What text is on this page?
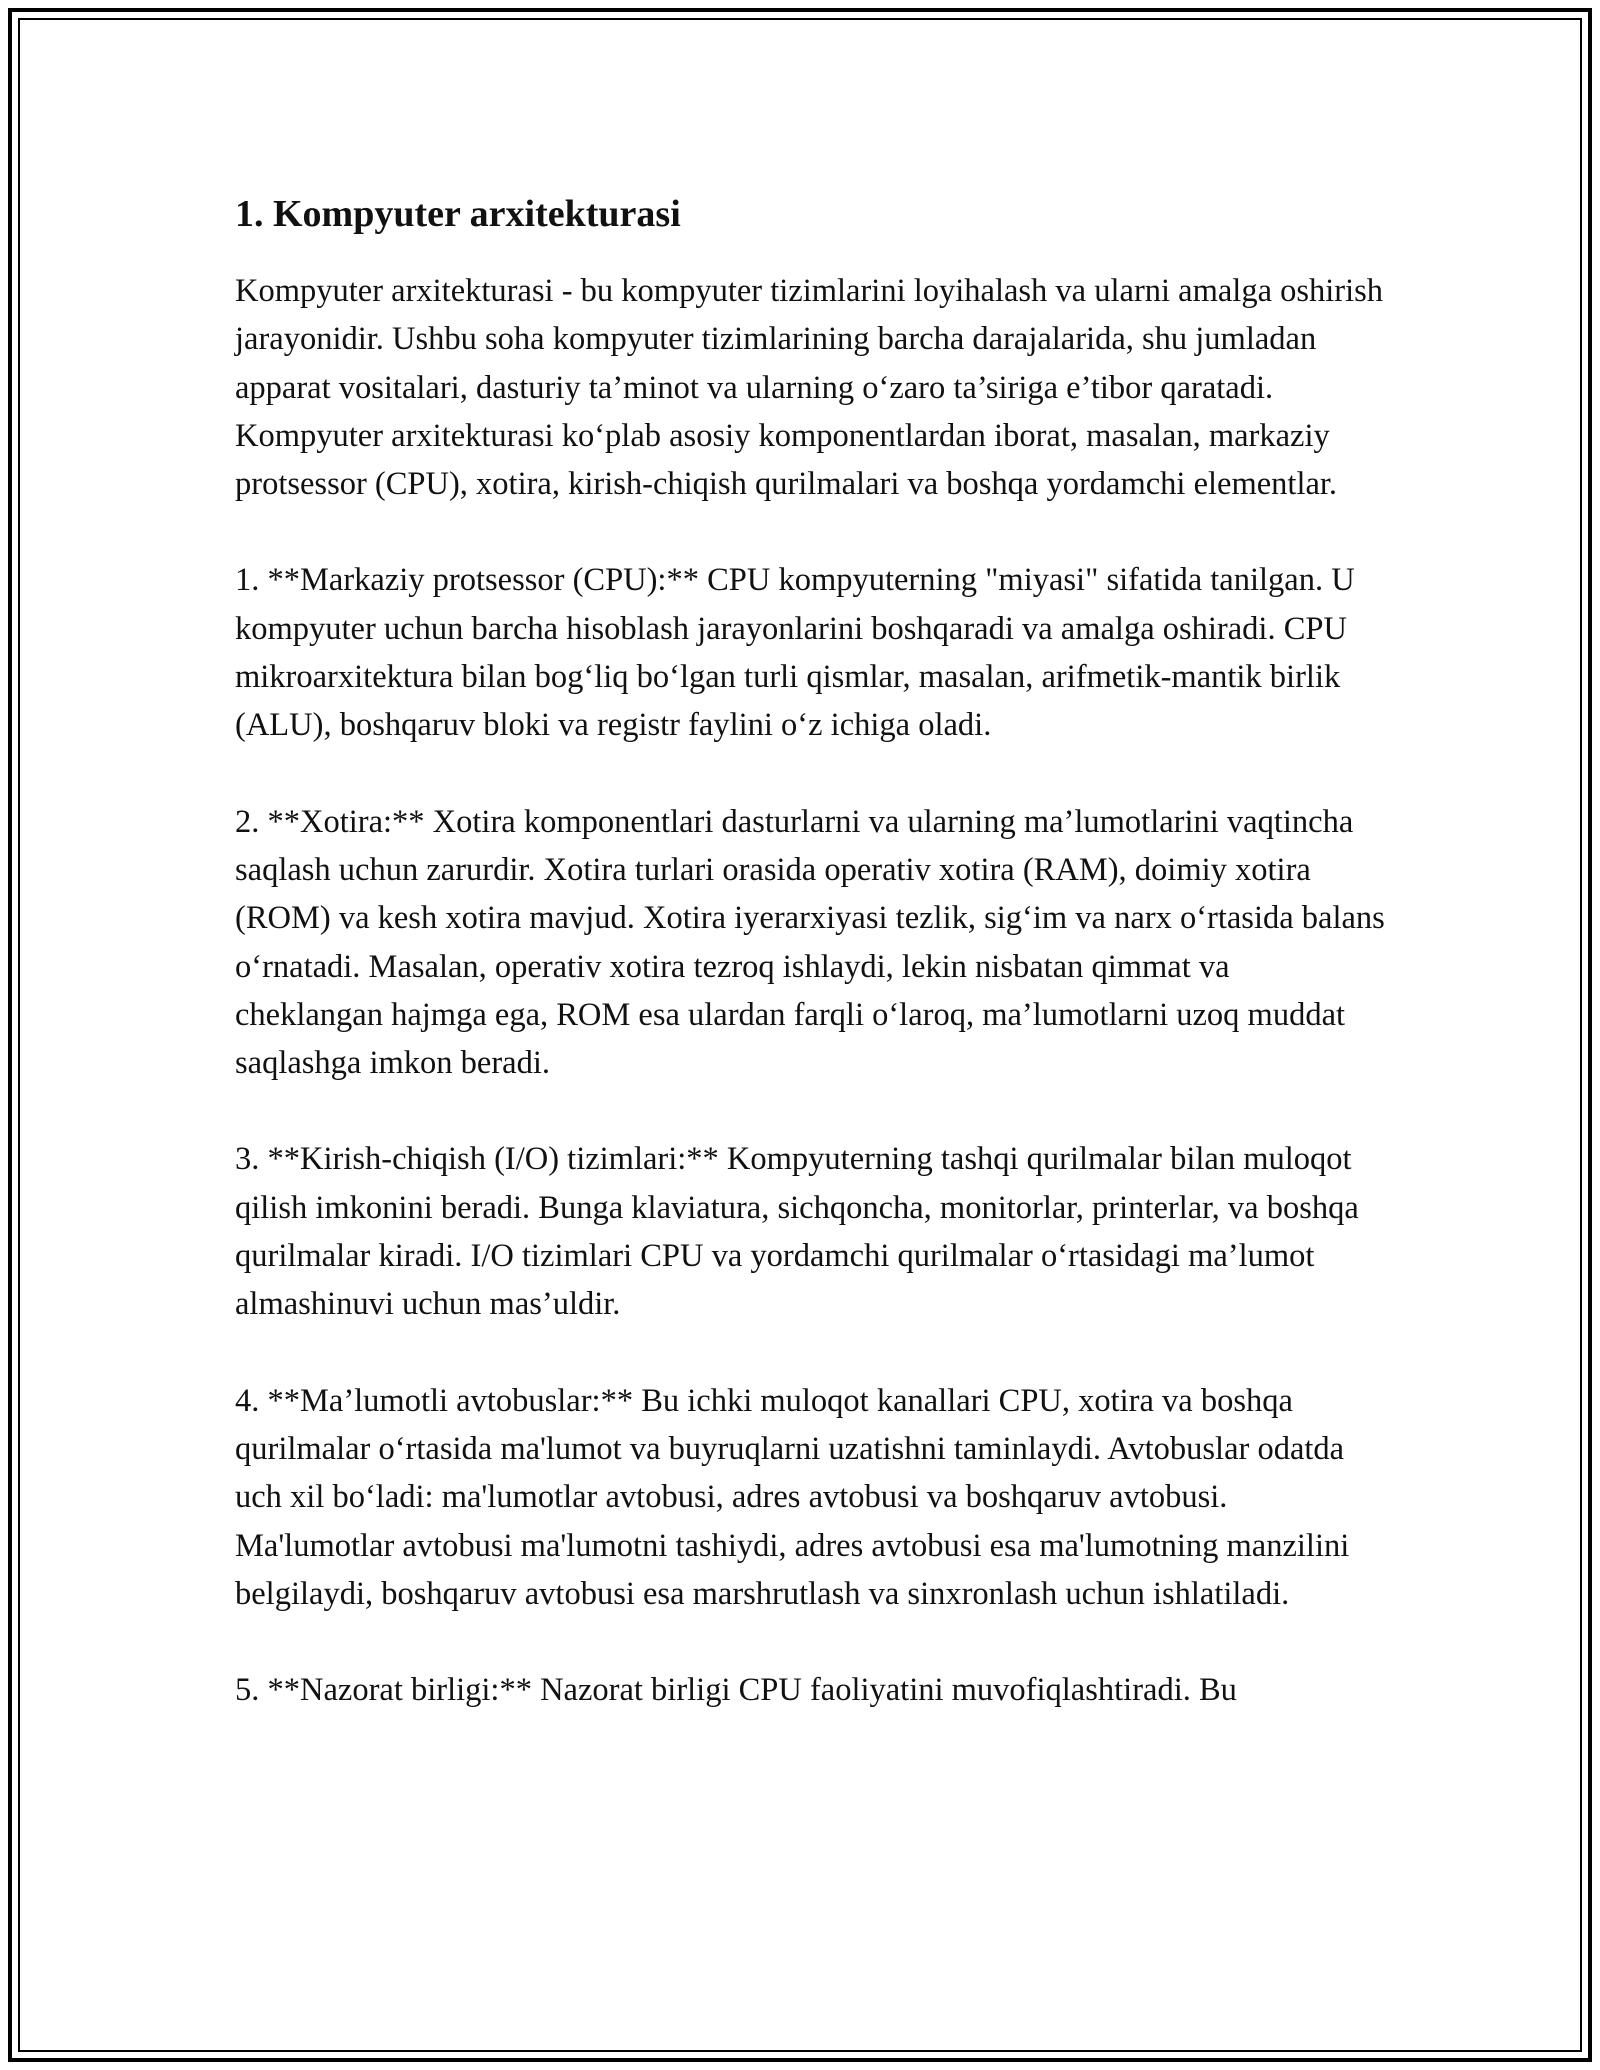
1. Kompyuter arxitekturasi

Kompyuter arxitekturasi - bu kompyuter tizimlarini loyihalash va ularni amalga oshirish jarayonidir. Ushbu soha kompyuter tizimlarining barcha darajalarida, shu jumladan apparat vositalari, dasturiy ta’minot va ularning o‘zaro ta’siriga e’tibor qaratadi. Kompyuter arxitekturasi ko‘plab asosiy komponentlardan iborat, masalan, markaziy protsessor (CPU), xotira, kirish-chiqish qurilmalari va boshqa yordamchi elementlar.

1. **Markaziy protsessor (CPU):** CPU kompyuterning "miyasi" sifatida tanilgan. U kompyuter uchun barcha hisoblash jarayonlarini boshqaradi va amalga oshiradi. CPU mikroarxitektura bilan bog‘liq bo‘lgan turli qismlar, masalan, arifmetik-mantik birlik (ALU), boshqaruv bloki va registr faylini o‘z ichiga oladi.

2. **Xotira:** Xotira komponentlari dasturlarni va ularning ma’lumotlarini vaqtincha saqlash uchun zarurdir. Xotira turlari orasida operativ xotira (RAM), doimiy xotira (ROM) va kesh xotira mavjud. Xotira iyerarxiyasi tezlik, sig‘im va narx o‘rtasida balans o‘rnatadi. Masalan, operativ xotira tezroq ishlaydi, lekin nisbatan qimmat va cheklangan hajmga ega, ROM esa ulardan farqli o‘laroq, ma’lumotlarni uzoq muddat saqlashga imkon beradi.

3. **Kirish-chiqish (I/O) tizimlari:** Kompyuterning tashqi qurilmalar bilan muloqot qilish imkonini beradi. Bunga klaviatura, sichqoncha, monitorlar, printerlar, va boshqa qurilmalar kiradi. I/O tizimlari CPU va yordamchi qurilmalar o‘rtasidagi ma’lumot almashinuvi uchun mas’uldir.

4. **Ma’lumotli avtobuslar:** Bu ichki muloqot kanallari CPU, xotira va boshqa qurilmalar o‘rtasida ma'lumot va buyruqlarni uzatishni taminlaydi. Avtobuslar odatda uch xil bo‘ladi: ma'lumotlar avtobusi, adres avtobusi va boshqaruv avtobusi. Ma'lumotlar avtobusi ma'lumotni tashiydi, adres avtobusi esa ma'lumotning manzilini belgilaydi, boshqaruv avtobusi esa marshrutlash va sinxronlash uchun ishlatiladi.

5. **Nazorat birligi:** Nazorat birligi CPU faoliyatini muvofiqlashtiradi. Bu
